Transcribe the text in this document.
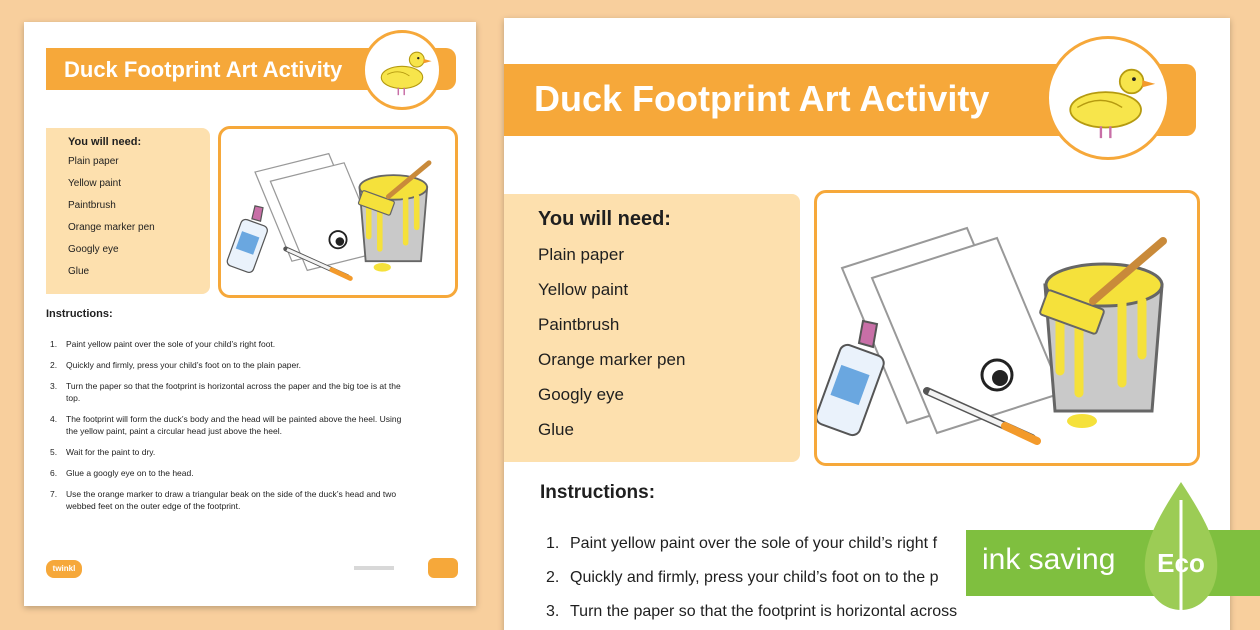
Duck Footprint Art Activity
You will need:
Plain paper
Yellow paint
Paintbrush
Orange marker pen
Googly eye
Glue
Instructions:
1.	Paint yellow paint over the sole of your child’s right foot.
2.	Quickly and firmly, press your child’s foot on to the plain paper.
3.	Turn the paper so that the footprint is horizontal across the paper and the big toe is at the top.
4.	The footprint will form the duck’s body and the head will be painted above the heel. Using the yellow paint, paint a circular head just above the heel.
5.	Wait for the paint to dry.
6.	Glue a googly eye on to the head.
7.	Use the orange marker to draw a triangular beak on the side of the duck’s head and two webbed feet on the outer edge of the footprint.
twinkl
Duck Footprint Art Activity
You will need:
Plain paper
Yellow paint
Paintbrush
Orange marker pen
Googly eye
Glue
Instructions:
1. Paint yellow paint over the sole of your child’s right f
2. Quickly and firmly, press your child’s foot on to the p
3. Turn the paper so that the footprint is horizontal across
ink saving Eco
